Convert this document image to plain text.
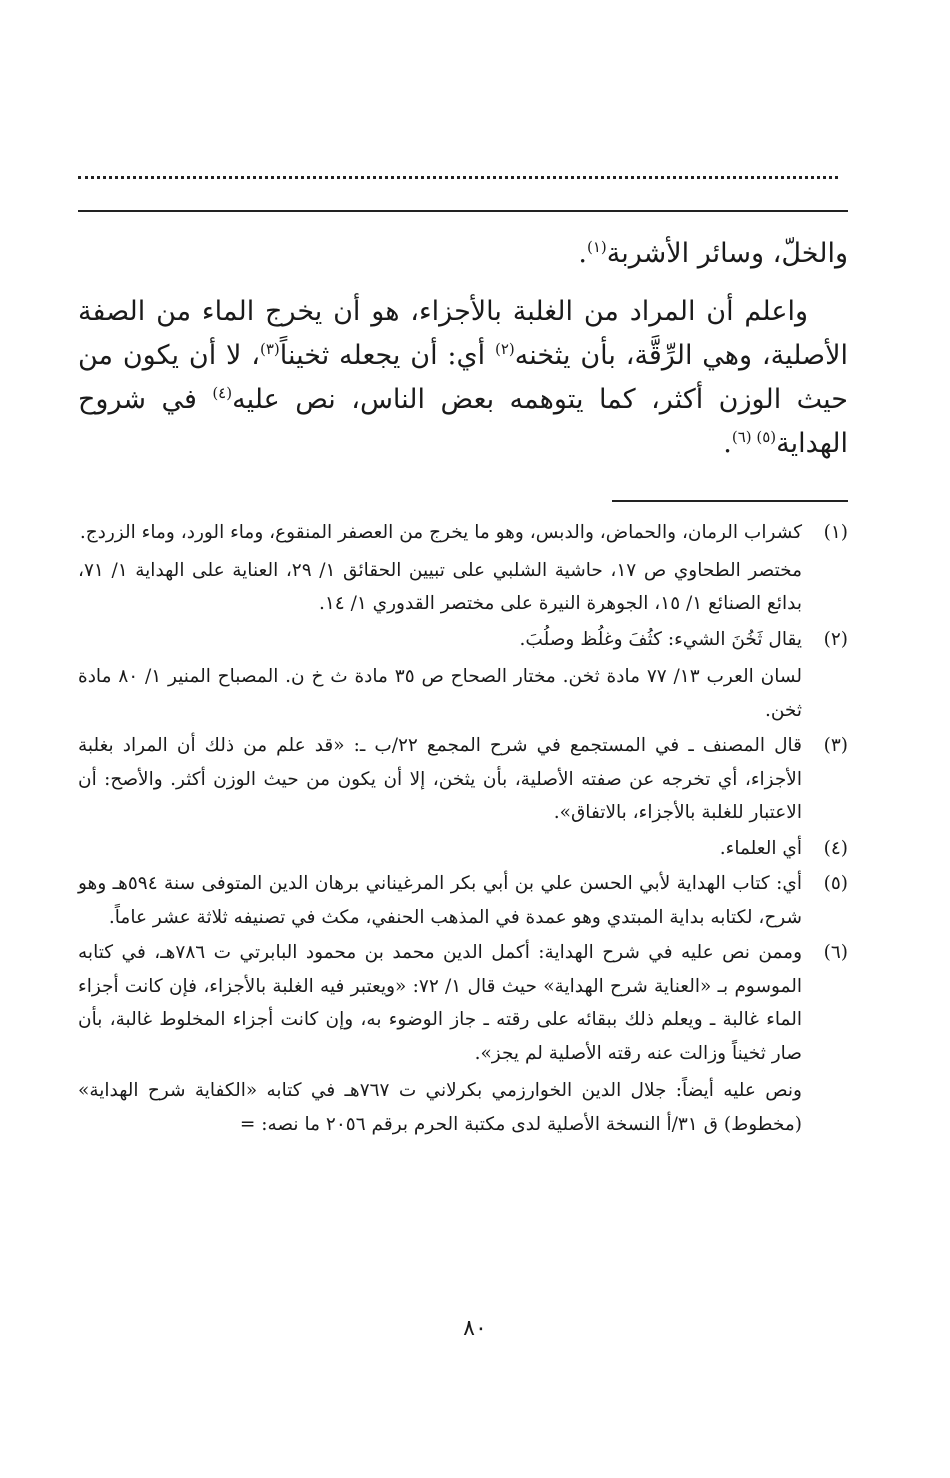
والخلّ، وسائر الأشربة$^{(١)}$.

واعلم أن المراد من الغلبة بالأجزاء، هو أن يخرج الماء من الصفة الأصلية، وهي الرِّقَّة، بأن يثخنه$^{(٢)}$ أي: أن يجعله ثخيناً$^{(٣)}$، لا أن يكون من حيث الوزن أكثر، كما يتوهمه بعض الناس، نص عليه$^{(٤)}$ في شروح الهداية$^{(٥) (٦)}$.

(١)

كشراب الرمان، والحماض، والدبس، وهو ما يخرج من العصفر المنقوع، وماء الورد، وماء الزردج.

مختصر الطحاوي ص ١٧، حاشية الشلبي على تبيين الحقائق ١/ ٢٩، العناية على الهداية ١/ ٧١، بدائع الصنائع ١/ ١٥، الجوهرة النيرة على مختصر القدوري ١/ ١٤.

(٢)

يقال ثَخُنَ الشيء: كثُفَ وغلُظ وصلُبَ.

لسان العرب ١٣/ ٧٧ مادة ثخن. مختار الصحاح ص ٣٥ مادة ث خ ن. المصباح المنير ١/ ٨٠ مادة ثخن.

(٣)

قال المصنف ـ في المستجمع في شرح المجمع ٢٢/ب ـ: «قد علم من ذلك أن المراد بغلبة الأجزاء، أي تخرجه عن صفته الأصلية، بأن يثخن، إلا أن يكون من حيث الوزن أكثر. والأصح: أن الاعتبار للغلبة بالأجزاء، بالاتفاق».

(٤)

أي العلماء.

(٥)

أي: كتاب الهداية لأبي الحسن علي بن أبي بكر المرغيناني برهان الدين المتوفى سنة ٥٩٤هـ وهو شرح، لكتابه بداية المبتدي وهو عمدة في المذهب الحنفي، مكث في تصنيفه ثلاثة عشر عاماً.

(٦)

وممن نص عليه في شرح الهداية: أكمل الدين محمد بن محمود البابرتي ت ٧٨٦هـ، في كتابه الموسوم بـ «العناية شرح الهداية» حيث قال ١/ ٧٢: «ويعتبر فيه الغلبة بالأجزاء، فإن كانت أجزاء الماء غالبة ـ ويعلم ذلك ببقائه على رقته ـ جاز الوضوء به، وإن كانت أجزاء المخلوط غالبة، بأن صار ثخيناً وزالت عنه رقته الأصلية لم يجز».

ونص عليه أيضاً: جلال الدين الخوارزمي بكرلاني ت ٧٦٧هـ في كتابه «الكفاية شرح الهداية» (مخطوط) ق ٣١/أ النسخة الأصلية لدى مكتبة الحرم برقم ٢٠٥٦ ما نصه: =

٨٠
